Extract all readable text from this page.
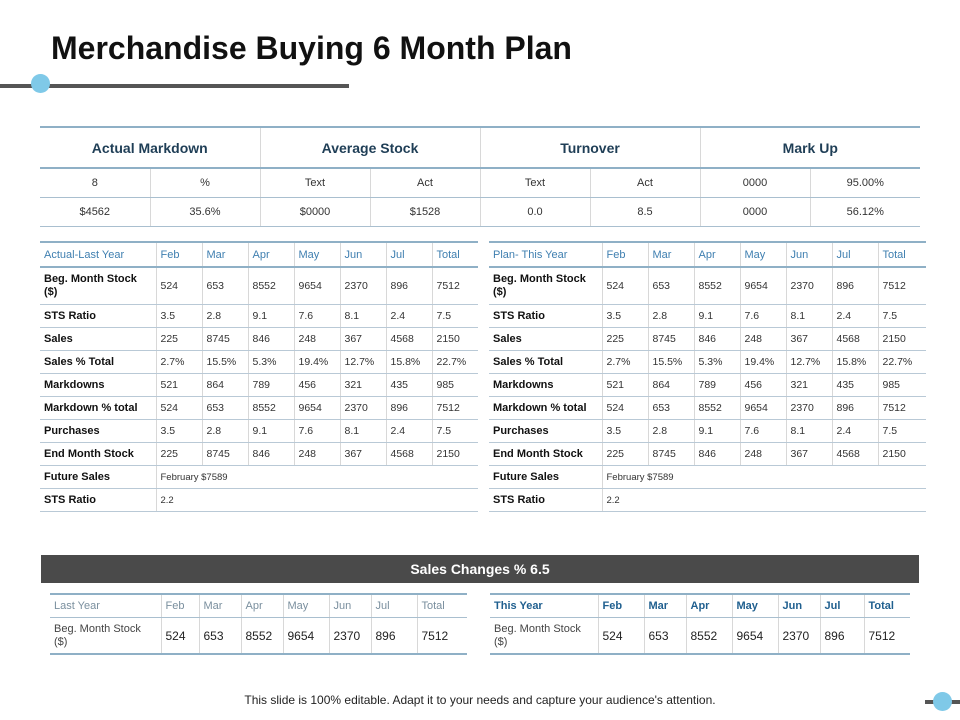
Merchandise Buying 6 Month Plan
Actual Markdown		Average Stock		Turnover		Mark Up	
8	%	Text	Act	Text	Act	0000	95.00%
$4562	35.6%	$0000	$1528	0.0	8.5	0000	56.12%
Actual-Last Year	Feb	Mar	Apr	May	Jun	Jul	Total
Beg. Month Stock ($)	524	653	8552	9654	2370	896	7512
STS Ratio	3.5	2.8	9.1	7.6	8.1	2.4	7.5
Sales	225	8745	846	248	367	4568	2150
Sales % Total	2.7%	15.5%	5.3%	19.4%	12.7%	15.8%	22.7%
Markdowns	521	864	789	456	321	435	985
Markdown % total	524	653	8552	9654	2370	896	7512
Purchases	3.5	2.8	9.1	7.6	8.1	2.4	7.5
End Month Stock	225	8745	846	248	367	4568	2150
Future Sales	February $7589						
STS Ratio	2.2						
Plan- This Year	Feb	Mar	Apr	May	Jun	Jul	Total
Beg. Month Stock ($)	524	653	8552	9654	2370	896	7512
STS Ratio	3.5	2.8	9.1	7.6	8.1	2.4	7.5
Sales	225	8745	846	248	367	4568	2150
Sales % Total	2.7%	15.5%	5.3%	19.4%	12.7%	15.8%	22.7%
Markdowns	521	864	789	456	321	435	985
Markdown % total	524	653	8552	9654	2370	896	7512
Purchases	3.5	2.8	9.1	7.6	8.1	2.4	7.5
End Month Stock	225	8745	846	248	367	4568	2150
Future Sales	February $7589						
STS Ratio	2.2						
Sales Changes % 6.5
Last Year	Feb	Mar	Apr	May	Jun	Jul	Total
Beg. Month Stock ($)	524	653	8552	9654	2370	896	7512
This Year	Feb	Mar	Apr	May	Jun	Jul	Total
Beg. Month Stock ($)	524	653	8552	9654	2370	896	7512
This slide is 100% editable. Adapt it to your needs and capture your audience's attention.
